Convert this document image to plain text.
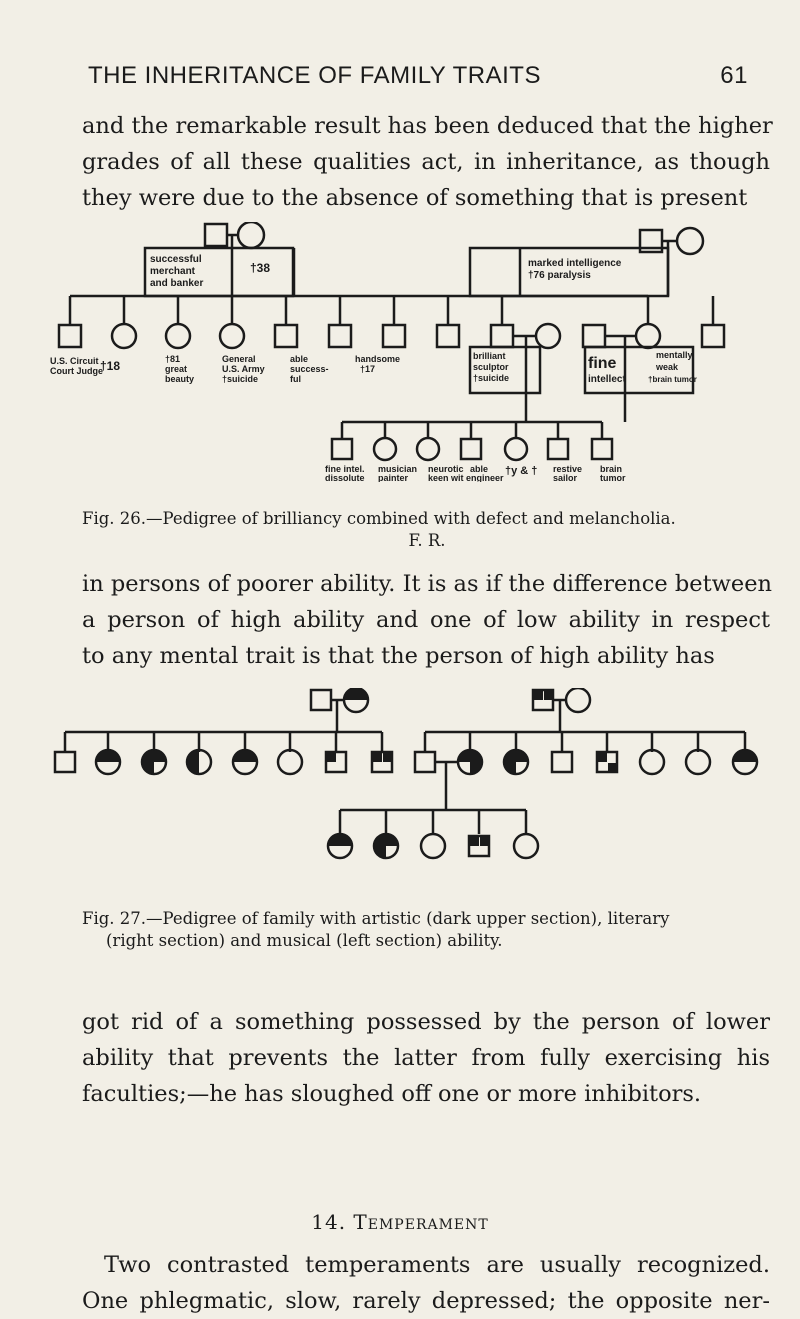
THE INHERITANCE OF FAMILY TRAITS	61

and the remarkable result has been deduced that the higher
grades of all these qualities act, in inheritance, as though
they were due to the absence of something that is present

successful
merchant
and banker
†38	marked intelligence
†76 paralysis
U.S. Circuit
Court Judge
†18	†81
great
beauty
General
U.S. Army
†suicide
able
success-
ful
handsome
†17
brilliant
sculptor
†suicide
fine
intellect
mentally
weak
†brain tumor
fine intel.
dissolute
musician
painter
neurotic
keen wit
able
engineer
†y & † restive
sailor
brain
tumor

Fig. 26.—Pedigree of brilliancy combined with defect and melancholia.
F. R.

in persons of poorer ability. It is as if the difference between
a person of high ability and one of low ability in respect
to any mental trait is that the person of high ability has

Fig. 27.—Pedigree of family with artistic (dark upper section), literary
(right section) and musical (left section) ability.

got rid of a something possessed by the person of lower
ability that prevents the latter from fully exercising his
faculties;—he has sloughed off one or more inhibitors.

14. Temperament

Two contrasted temperaments are usually recognized.
One phlegmatic, slow, rarely depressed; the opposite ner-
